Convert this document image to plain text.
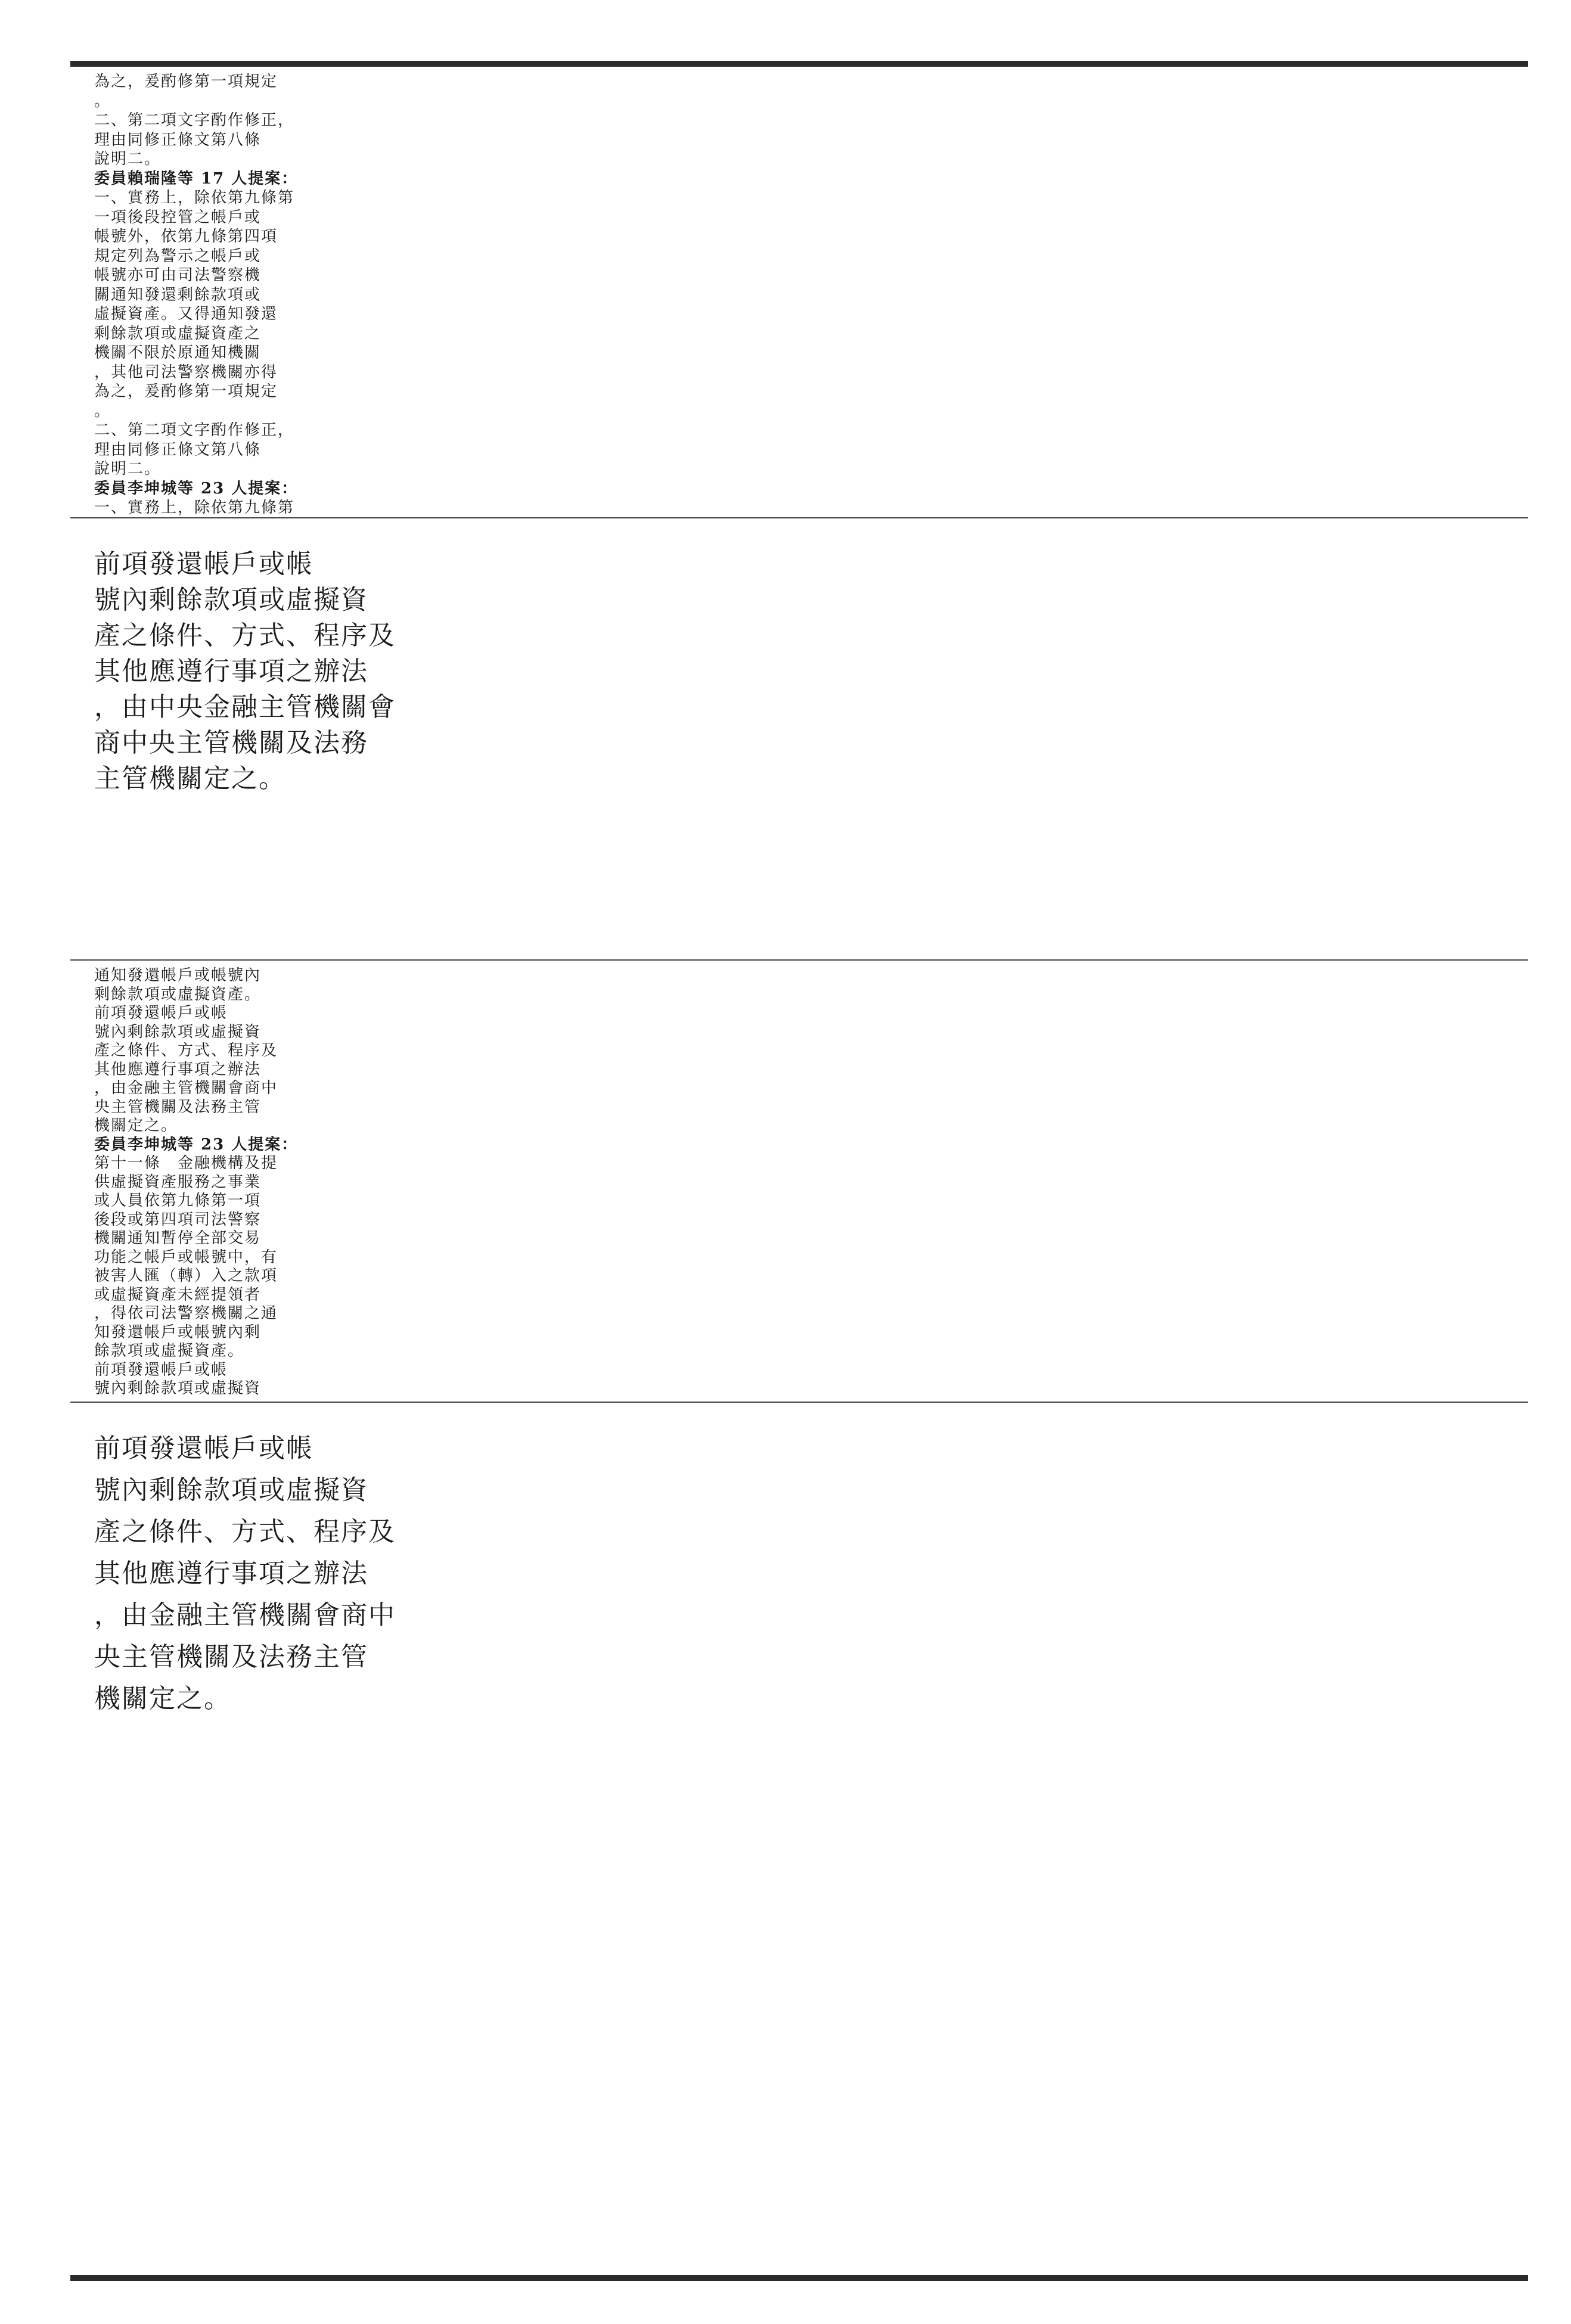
為之，爰酌修第一項規定
。
二、第二項文字酌作修正，
理由同修正條文第八條
說明二。
委員賴瑞隆等 17 人提案：
一、實務上，除依第九條第
一項後段控管之帳戶或
帳號外，依第九條第四項
規定列為警示之帳戶或
帳號亦可由司法警察機
關通知發還剩餘款項或
虛擬資產。又得通知發還
剩餘款項或虛擬資產之
機關不限於原通知機關
，其他司法警察機關亦得
為之，爰酌修第一項規定
。
二、第二項文字酌作修正，
理由同修正條文第八條
說明二。
委員李坤城等 23 人提案：
一、實務上，除依第九條第
前項發還帳戶或帳
號內剩餘款項或虛擬資
產之條件、方式、程序及
其他應遵行事項之辦法
，由中央金融主管機關會
商中央主管機關及法務
主管機關定之。
通知發還帳戶或帳號內
剩餘款項或虛擬資產。
前項發還帳戶或帳
號內剩餘款項或虛擬資
產之條件、方式、程序及
其他應遵行事項之辦法
，由金融主管機關會商中
央主管機關及法務主管
機關定之。
委員李坤城等 23 人提案：
第十一條　金融機構及提
供虛擬資產服務之事業
或人員依第九條第一項
後段或第四項司法警察
機關通知暫停全部交易
功能之帳戶或帳號中，有
被害人匯（轉）入之款項
或虛擬資產未經提領者
，得依司法警察機關之通
知發還帳戶或帳號內剩
餘款項或虛擬資產。
前項發還帳戶或帳
號內剩餘款項或虛擬資
前項發還帳戶或帳
號內剩餘款項或虛擬資
產之條件、方式、程序及
其他應遵行事項之辦法
，由金融主管機關會商中
央主管機關及法務主管
機關定之。
